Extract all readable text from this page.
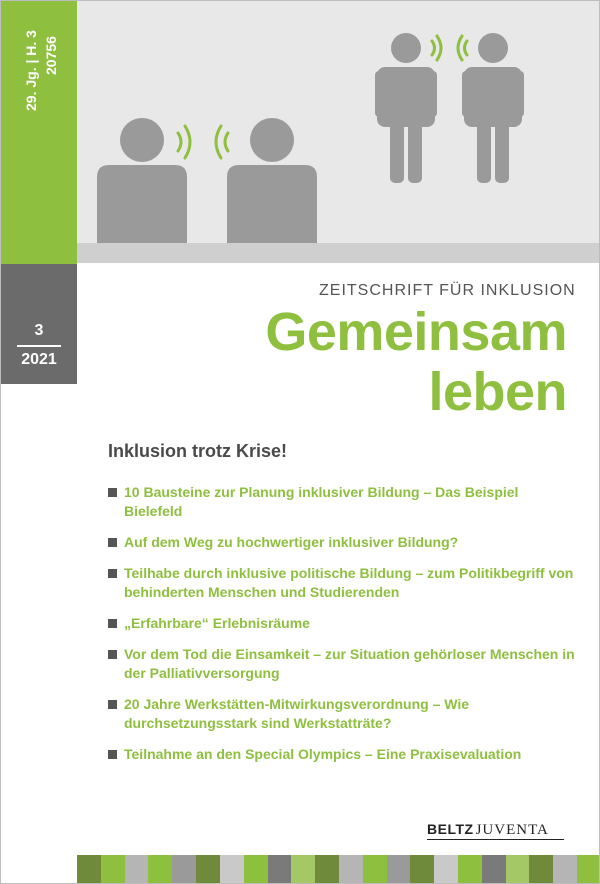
29. Jg. | H. 3 20756
3
2021
ZEITSCHRIFT FÜR INKLUSION
Gemeinsam
leben
Inklusion trotz Krise!
10 Bausteine zur Planung inklusiver Bildung – Das Beispiel Bielefeld
Auf dem Weg zu hochwertiger inklusiver Bildung?
Teilhabe durch inklusive politische Bildung – zum Politikbegriff von behinderten Menschen und Studierenden
„Erfahrbare“ Erlebnisräume
Vor dem Tod die Einsamkeit – zur Situation gehörloser Menschen in der Palliativversorgung
20 Jahre Werkstätten-Mitwirkungsverordnung – Wie durchsetzungsstark sind Werkstatträte?
Teilnahme an den Special Olympics – Eine Praxisevaluation
BELTZ JUVENTA
